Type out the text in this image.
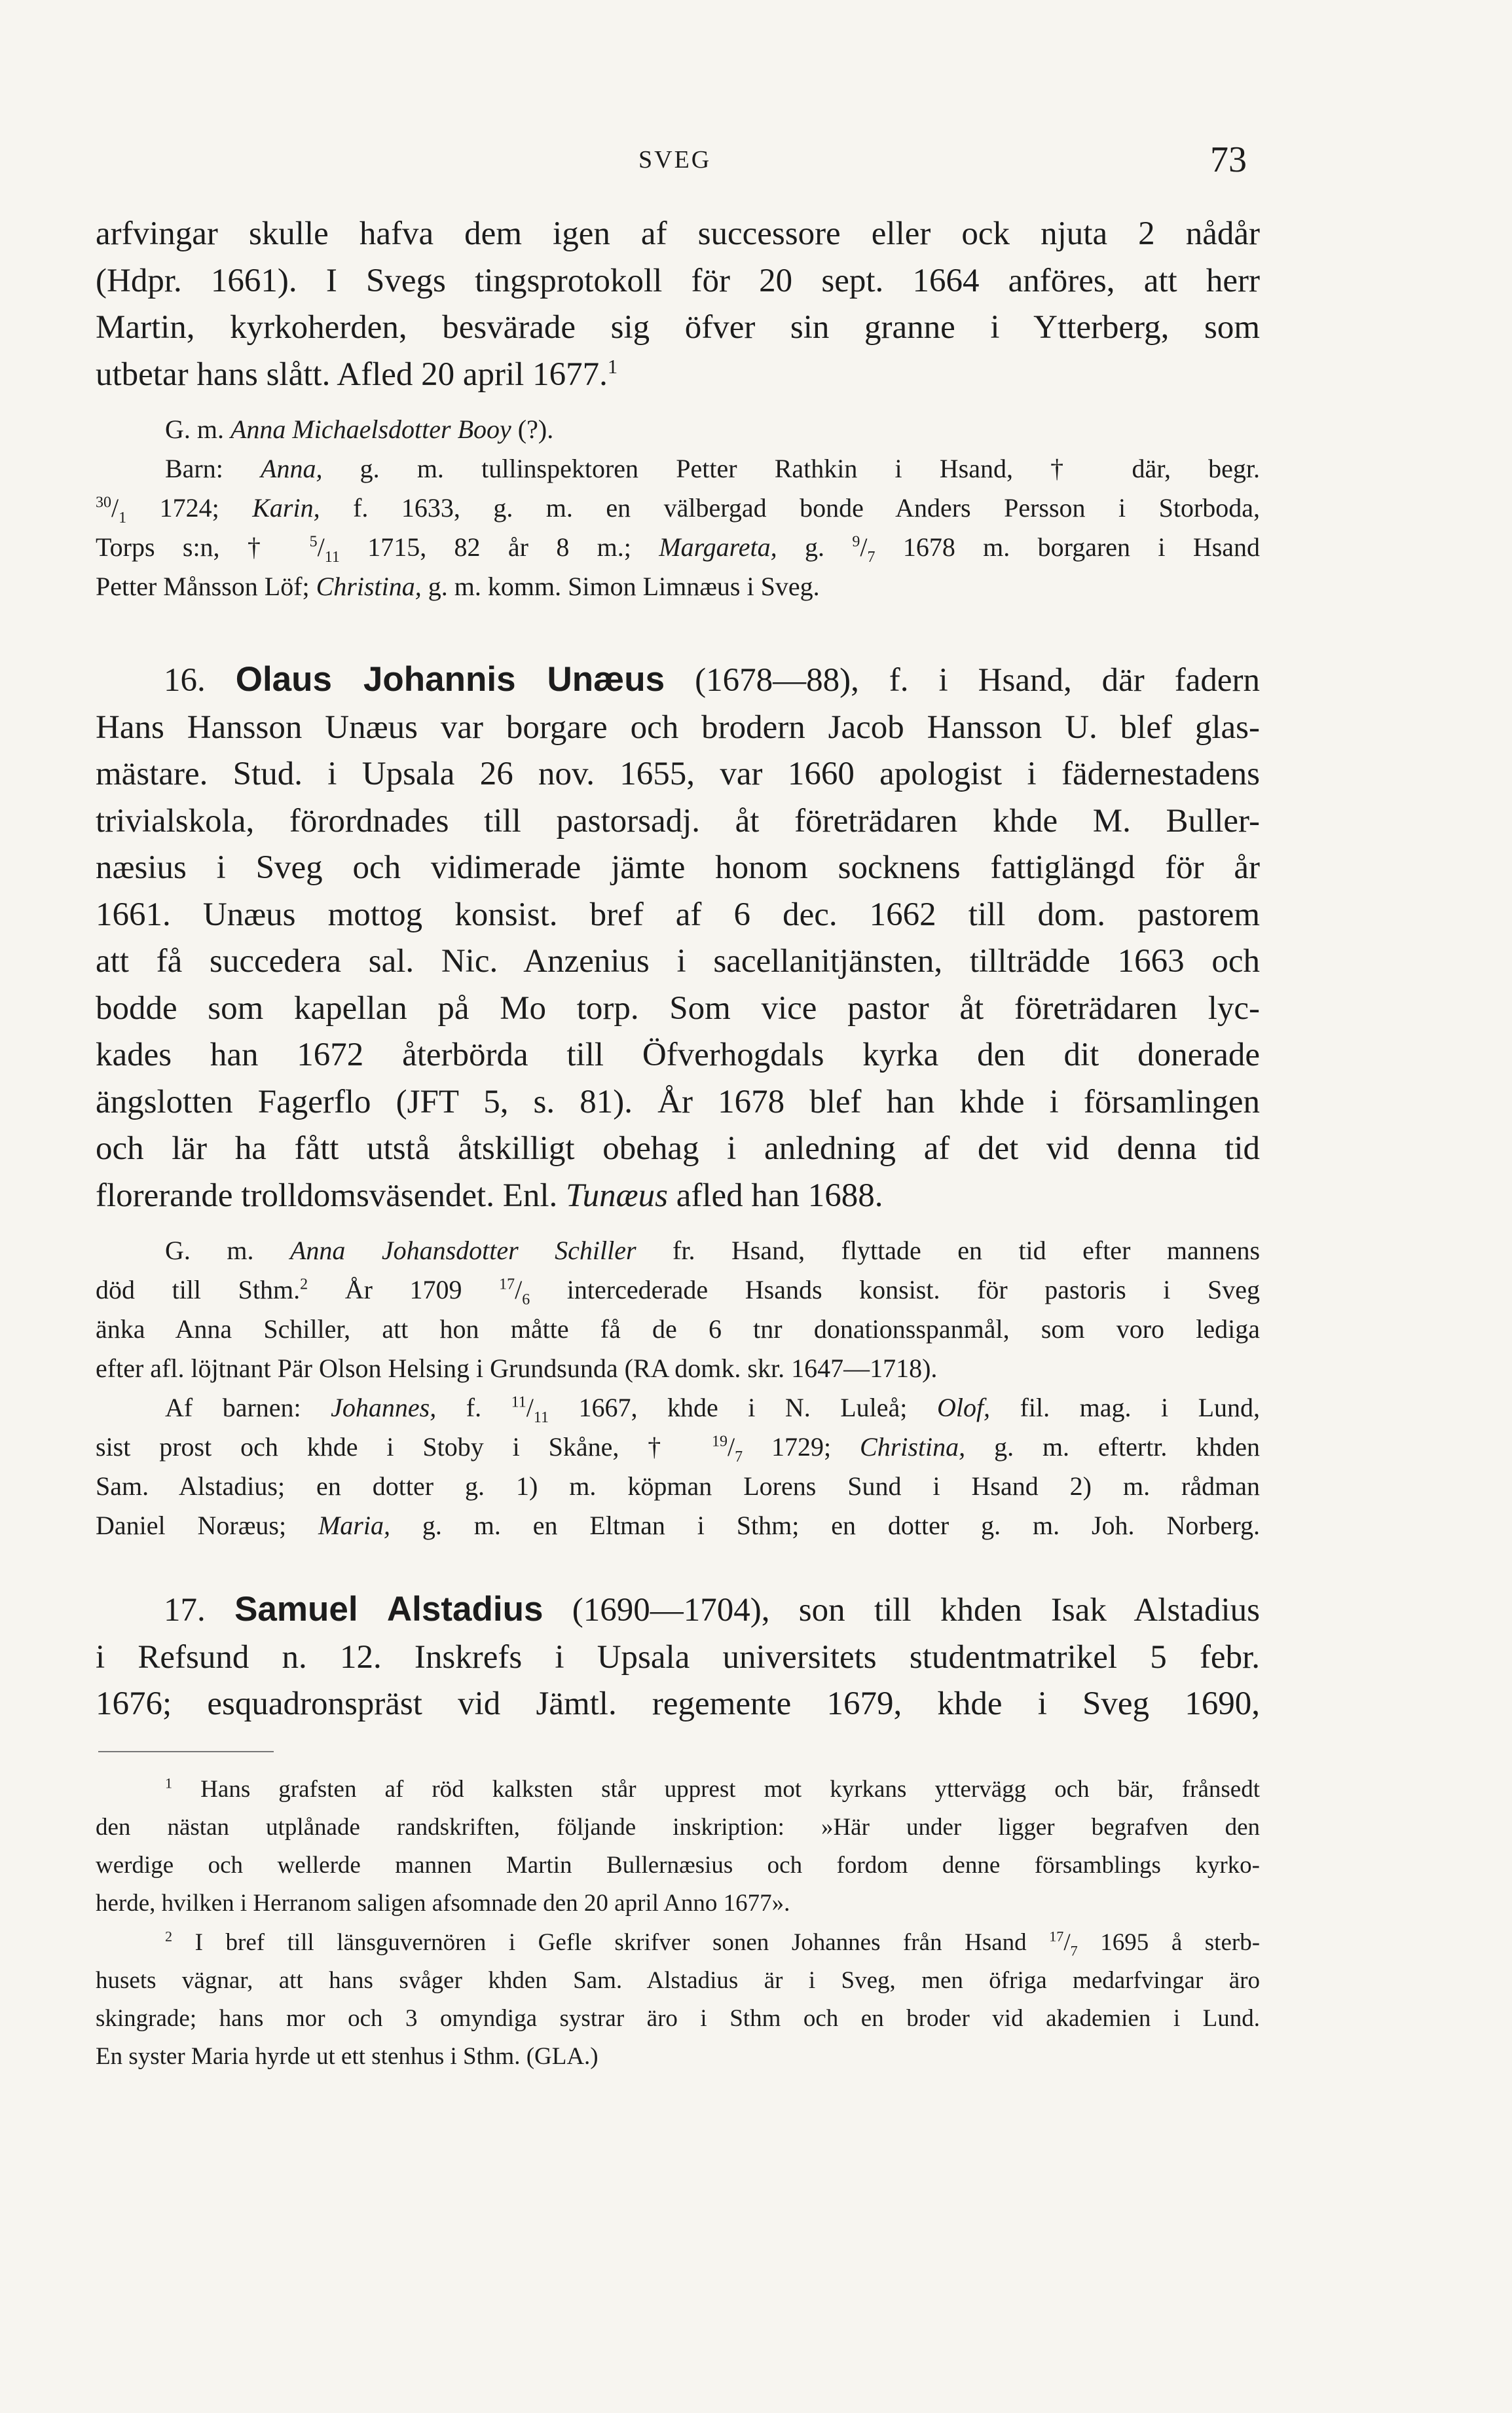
SVEG	73
arfvingar skulle hafva dem igen af successore eller ock njuta 2 nådår
(Hdpr. 1661). I Svegs tingsprotokoll för 20 sept. 1664 anföres, att herr
Martin, kyrkoherden, besvärade sig öfver sin granne i Ytterberg, som
utbetar hans slått. Afled 20 april 1677.$^1$
G. m. Anna Michaelsdotter Booy (?).
Barn: Anna, g. m. tullinspektoren Petter Rathkin i Hsand, † där, begr.
$^{30}/_1$ 1724; Karin, f. 1633, g. m. en välbergad bonde Anders Persson i Storboda,
Torps s:n, † $^5/_{11}$ 1715, 82 år 8 m.; Margareta, g. $^9/_7$ 1678 m. borgaren i Hsand
Petter Månsson Löf; Christina, g. m. komm. Simon Limnæus i Sveg.
16. Olaus Johannis Unæus (1678—88), f. i Hsand, där fadern
Hans Hansson Unæus var borgare och brodern Jacob Hansson U. blef glas-
mästare. Stud. i Upsala 26 nov. 1655, var 1660 apologist i fädernestadens
trivialskola, förordnades till pastorsadj. åt företrädaren khde M. Buller-
næsius i Sveg och vidimerade jämte honom socknens fattiglängd för år
1661. Unæus mottog konsist. bref af 6 dec. 1662 till dom. pastorem
att få succedera sal. Nic. Anzenius i sacellanitjänsten, tillträdde 1663 och
bodde som kapellan på Mo torp. Som vice pastor åt företrädaren lyc-
kades han 1672 återbörda till Öfverhogdals kyrka den dit donerade
ängslotten Fagerflo (JFT 5, s. 81). År 1678 blef han khde i församlingen
och lär ha fått utstå åtskilligt obehag i anledning af det vid denna tid
florerande trolldomsväsendet. Enl. Tunæus afled han 1688.
G. m. Anna Johansdotter Schiller fr. Hsand, flyttade en tid efter mannens
död till Sthm.$^2$ År 1709 $^{17}/_6$ intercederade Hsands konsist. för pastoris i Sveg
änka Anna Schiller, att hon måtte få de 6 tnr donationsspanmål, som voro lediga
efter afl. löjtnant Pär Olson Helsing i Grundsunda (RA domk. skr. 1647—1718).
Af barnen: Johannes, f. $^{11}/_{11}$ 1667, khde i N. Luleå; Olof, fil. mag. i Lund,
sist prost och khde i Stoby i Skåne, † $^{19}/_7$ 1729; Christina, g. m. eftertr. khden
Sam. Alstadius; en dotter g. 1) m. köpman Lorens Sund i Hsand 2) m. rådman
Daniel Noræus; Maria, g. m. en Eltman i Sthm; en dotter g. m. Joh. Norberg.
17. Samuel Alstadius (1690—1704), son till khden Isak Alstadius
i Refsund n. 12. Inskrefs i Upsala universitets studentmatrikel 5 febr.
1676; esquadronspräst vid Jämtl. regemente 1679, khde i Sveg 1690,
$^1$ Hans grafsten af röd kalksten står upprest mot kyrkans yttervägg och bär, frånsedt
den nästan utplånade randskriften, följande inskription: »Här under ligger begrafven den
werdige och wellerde mannen Martin Bullernæsius och fordom denne församblings kyrko-
herde, hvilken i Herranom saligen afsomnade den 20 april Anno 1677».
$^2$ I bref till länsguvernören i Gefle skrifver sonen Johannes från Hsand $^{17}/_7$ 1695 å sterb-
husets vägnar, att hans svåger khden Sam. Alstadius är i Sveg, men öfriga medarfvingar äro
skingrade; hans mor och 3 omyndiga systrar äro i Sthm och en broder vid akademien i Lund.
En syster Maria hyrde ut ett stenhus i Sthm. (GLA.)
